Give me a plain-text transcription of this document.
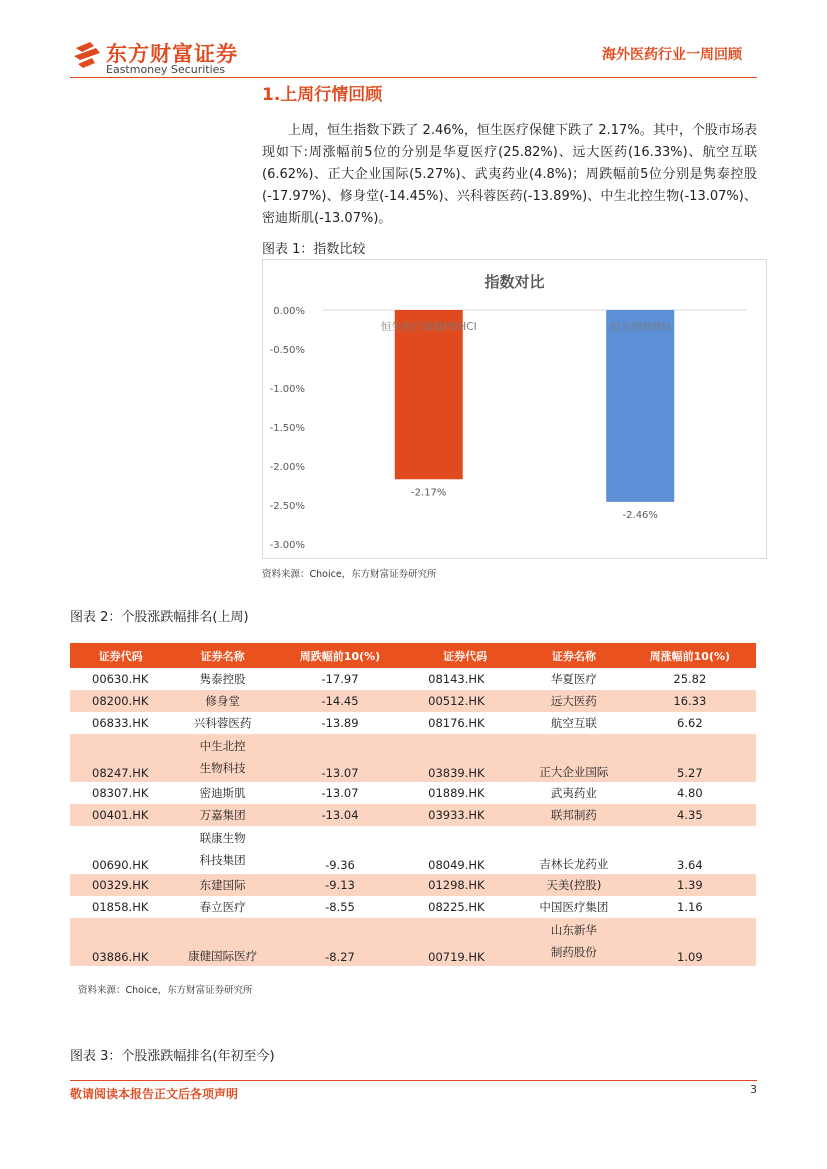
东方财富证券
Eastmoney Securities
海外医药行业一周回顾
1.上周行情回顾
上周，恒生指数下跌了 2.46%，恒生医疗保健下跌了 2.17%。其中，个股市场表现如下:周涨幅前5位的分别是华夏医疗(25.82%)、远大医药(16.33%)、航空互联(6.62%)、正大企业国际(5.27%)、武夷药业(4.8%)；周跌幅前5位分别是隽泰控股(-17.97%)、修身堂(-14.45%)、兴科蓉医药(-13.89%)、中生北控生物(-13.07%)、密迪斯肌(-13.07%)。
图表 1：指数比较
指数对比
0.00%
-0.50%
-1.00%
-1.50%
-2.00%
-2.50%
-3.00%
恒生医疗保健HSHCI
-2.17%
恒生指数HSI
-2.46%
资料来源：Choice，东方财富证券研究所
图表 2：个股涨跌幅排名(上周)
证券代码	证券名称	周跌幅前10(%)	证券代码	证券名称	周涨幅前10(%)
00630.HK	隽泰控股	-17.97	08143.HK	华夏医疗	25.82
08200.HK	修身堂	-14.45	00512.HK	远大医药	16.33
06833.HK	兴科蓉医药	-13.89	08176.HK	航空互联	6.62
08247.HK	中生北控
生物科技	-13.07	03839.HK	正大企业国际	5.27
08307.HK	密迪斯肌	-13.07	01889.HK	武夷药业	4.80
00401.HK	万嘉集团	-13.04	03933.HK	联邦制药	4.35
00690.HK	联康生物
科技集团	-9.36	08049.HK	吉林长龙药业	3.64
00329.HK	东建国际	-9.13	01298.HK	天美(控股)	1.39
01858.HK	春立医疗	-8.55	08225.HK	中国医疗集团	1.16
03886.HK	康健国际医疗	-8.27	00719.HK	山东新华
制药股份	1.09
资料来源：Choice，东方财富证券研究所
图表 3：个股涨跌幅排名(年初至今)
敬请阅读本报告正文后各项声明	3
